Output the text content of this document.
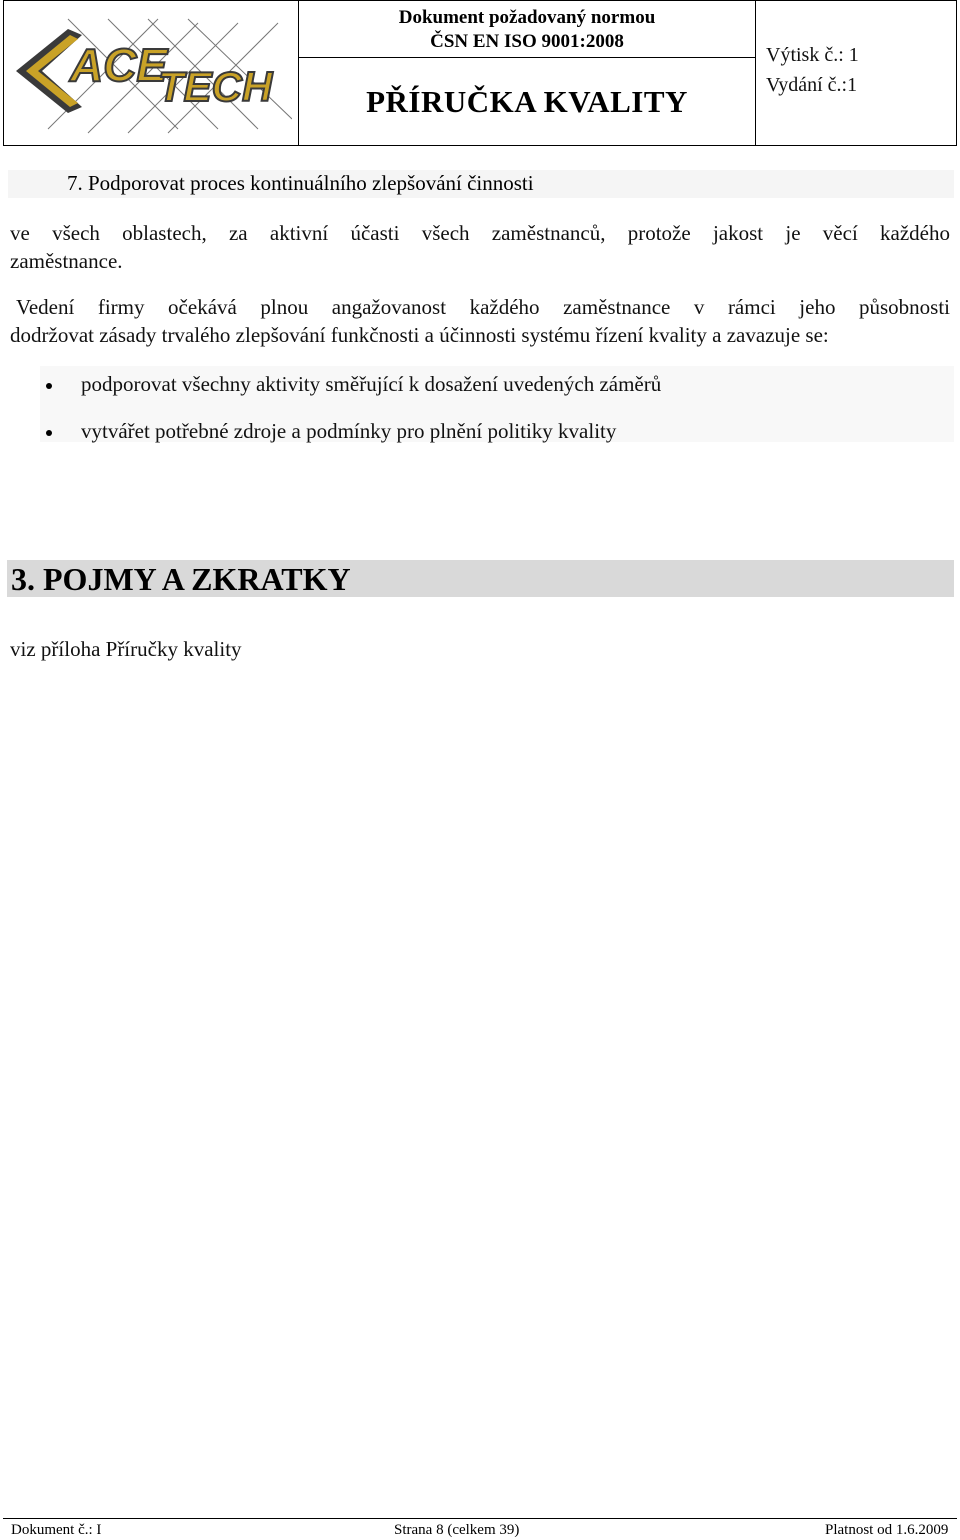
ACE
TECH
Dokument požadovaný normou
ČSN EN ISO 9001:2008
PŘÍRUČKA KVALITY
Výtisk č.: 1
Vydání č.:1
7. Podporovat proces kontinuálního zlepšování činnosti
ve všech oblastech, za aktivní účasti všech zaměstnanců, protože jakost je věcí každého
zaměstnance.
Vedení firmy očekává plnou angažovanost každého zaměstnance v rámci jeho působnosti
dodržovat zásady trvalého zlepšování funkčnosti a účinnosti systému řízení kvality a zavazuje se:
podporovat všechny aktivity směřující k dosažení uvedených záměrů
vytvářet potřebné zdroje a podmínky pro plnění politiky kvality
3. POJMY A ZKRATKY
viz příloha Příručky kvality
Dokument č.: I	Strana 8 (celkem 39)	Platnost od 1.6.2009
